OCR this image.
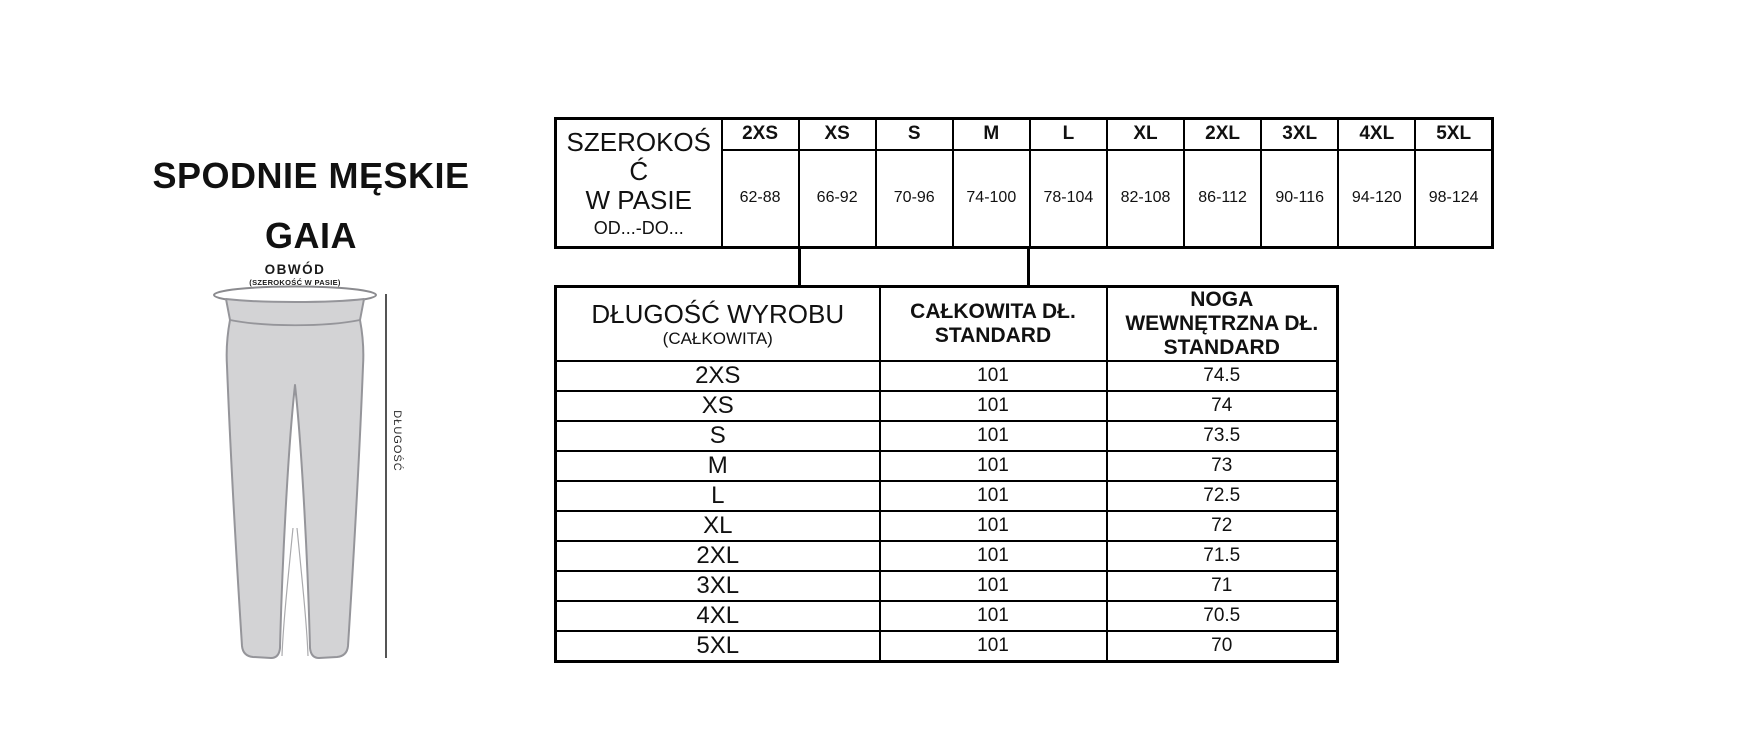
SPODNIE MĘSKIE
GAIA
OBWÓD
(SZEROKOŚĆ W PASIE)
DŁUGOŚĆ
SZEROKOŚ
Ć
W PASIE
OD...-DO...	2XS	XS	S	M	L	XL	2XL	3XL	4XL	5XL
	62-88	66-92	70-96	74-100	78-104	82-108	86-112	90-116	94-120	98-124
DŁUGOŚĆ WYROBU
(CAŁKOWITA)

CAŁKOWITA DŁ.
STANDARD

NOGA
WEWNĘTRZNA DŁ.
STANDARD

2XS	101	74.5
XS	101	74
S	101	73.5
M	101	73
L	101	72.5
XL	101	72
2XL	101	71.5
3XL	101	71
4XL	101	70.5
5XL	101	70
